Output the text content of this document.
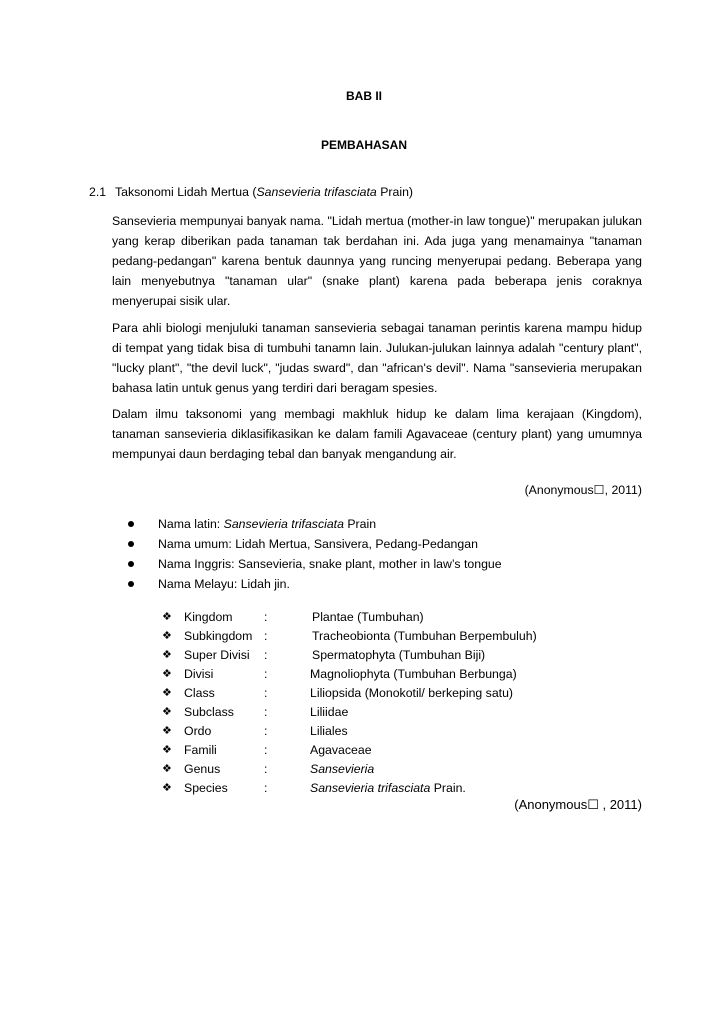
BAB II
PEMBAHASAN
2.1 Taksonomi Lidah Mertua (Sansevieria trifasciata Prain)
Sansevieria mempunyai banyak nama. "Lidah mertua (mother-in law tongue)" merupakan julukan yang kerap diberikan pada tanaman tak berdahan ini. Ada juga yang menamainya "tanaman pedang-pedangan" karena bentuk daunnya yang runcing menyerupai pedang. Beberapa yang lain menyebutnya "tanaman ular" (snake plant) karena pada beberapa jenis coraknya menyerupai sisik ular.
Para ahli biologi menjuluki tanaman sansevieria sebagai tanaman perintis karena mampu hidup di tempat yang tidak bisa di tumbuhi tanamn lain. Julukan-julukan lainnya adalah "century plant", "lucky plant", "the devil luck", "judas sward", dan "african's devil". Nama "sansevieria merupakan bahasa latin untuk genus yang terdiri dari beragam spesies.
Dalam ilmu taksonomi yang membagi makhluk hidup ke dalam lima kerajaan (Kingdom), tanaman sansevieria diklasifikasikan ke dalam famili Agavaceae (century plant) yang umumnya mempunyai daun berdaging tebal dan banyak mengandung air.
(Anonymous☐, 2011)
Nama latin: Sansevieria trifasciata Prain
Nama umum: Lidah Mertua, Sansivera, Pedang-Pedangan
Nama Inggris: Sansevieria, snake plant, mother in law’s tongue
Nama Melayu: Lidah jin.
❖ Kingdom	:	Plantae (Tumbuhan)
❖ Subkingdom :	Tracheobionta (Tumbuhan Berpembuluh)
❖ Super Divisi :	Spermatophyta (Tumbuhan Biji)
❖ Divisi	:	Magnoliophyta (Tumbuhan Berbunga)
❖ Class	:	Liliopsida (Monokotil/ berkeping satu)
❖ Subclass :	Liliidae
❖ Ordo	:	Liliales
❖ Famili	:	Agavaceae
❖ Genus	:	Sansevieria
❖ Species	:	Sansevieria trifasciata Prain.
(Anonymous☐ , 2011)
